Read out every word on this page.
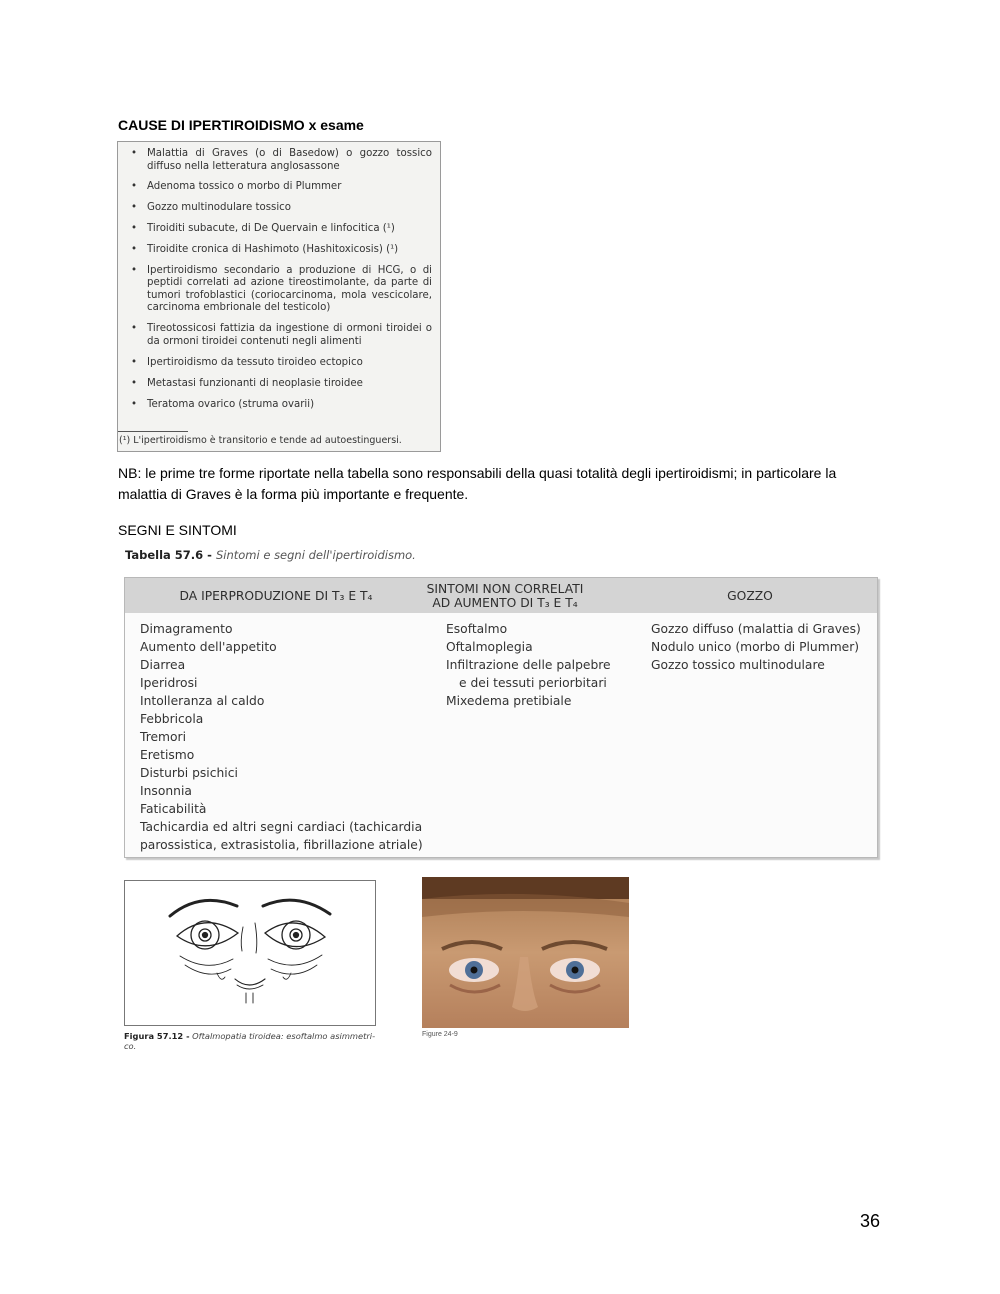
CAUSE DI IPERTIROIDISMO x esame
• Malattia di Graves (o di Basedow) o gozzo tossico diffuso nella letteratura anglosassone
• Adenoma tossico o morbo di Plummer
• Gozzo multinodulare tossico
• Tiroiditi subacute, di De Quervain e linfocitica (¹)
• Tiroidite cronica di Hashimoto (Hashitoxicosis) (¹)
• Ipertiroidismo secondario a produzione di HCG, o di peptidi correlati ad azione tireostimolante, da parte di tumori trofoblastici (coriocarcinoma, mola vescicolare, carcinoma embrionale del testicolo)
• Tireotossicosi fattizia da ingestione di ormoni tiroidei o da ormoni tiroidei contenuti negli alimenti
• Ipertiroidismo da tessuto tiroideo ectopico
• Metastasi funzionanti di neoplasie tiroidee
• Teratoma ovarico (struma ovarii)
(¹) L'ipertiroidismo è transitorio e tende ad autoestinguersi.
NB: le prime tre forme riportate nella tabella sono responsabili della quasi totalità degli ipertiroidismi; in particolare la malattia di Graves è la forma più importante e frequente.
SEGNI E SINTOMI
Tabella 57.6 - Sintomi e segni dell'ipertiroidismo.
DA IPERPRODUZIONE DI T₃ E T₄	SINTOMI NON CORRELATI
AD AUMENTO DI T₃ E T₄	GOZZO
Dimagramento
Aumento dell'appetito
Diarrea
Iperidrosi
Intolleranza al caldo
Febbricola
Tremori
Eretismo
Disturbi psichici
Insonnia
Faticabilità
Tachicardia ed altri segni cardiaci (tachicardia
parossistica, extrasistolia, fibrillazione atriale)
Esoftalmo
Oftalmoplegia
Infiltrazione delle palpebre
e dei tessuti periorbitari
Mixedema pretibiale
Gozzo diffuso (malattia di Graves)
Nodulo unico (morbo di Plummer)
Gozzo tossico multinodulare
Figura 57.12 - Oftalmopatia tiroidea: esoftalmo asimmetri-co.
Figure 24-9
36
